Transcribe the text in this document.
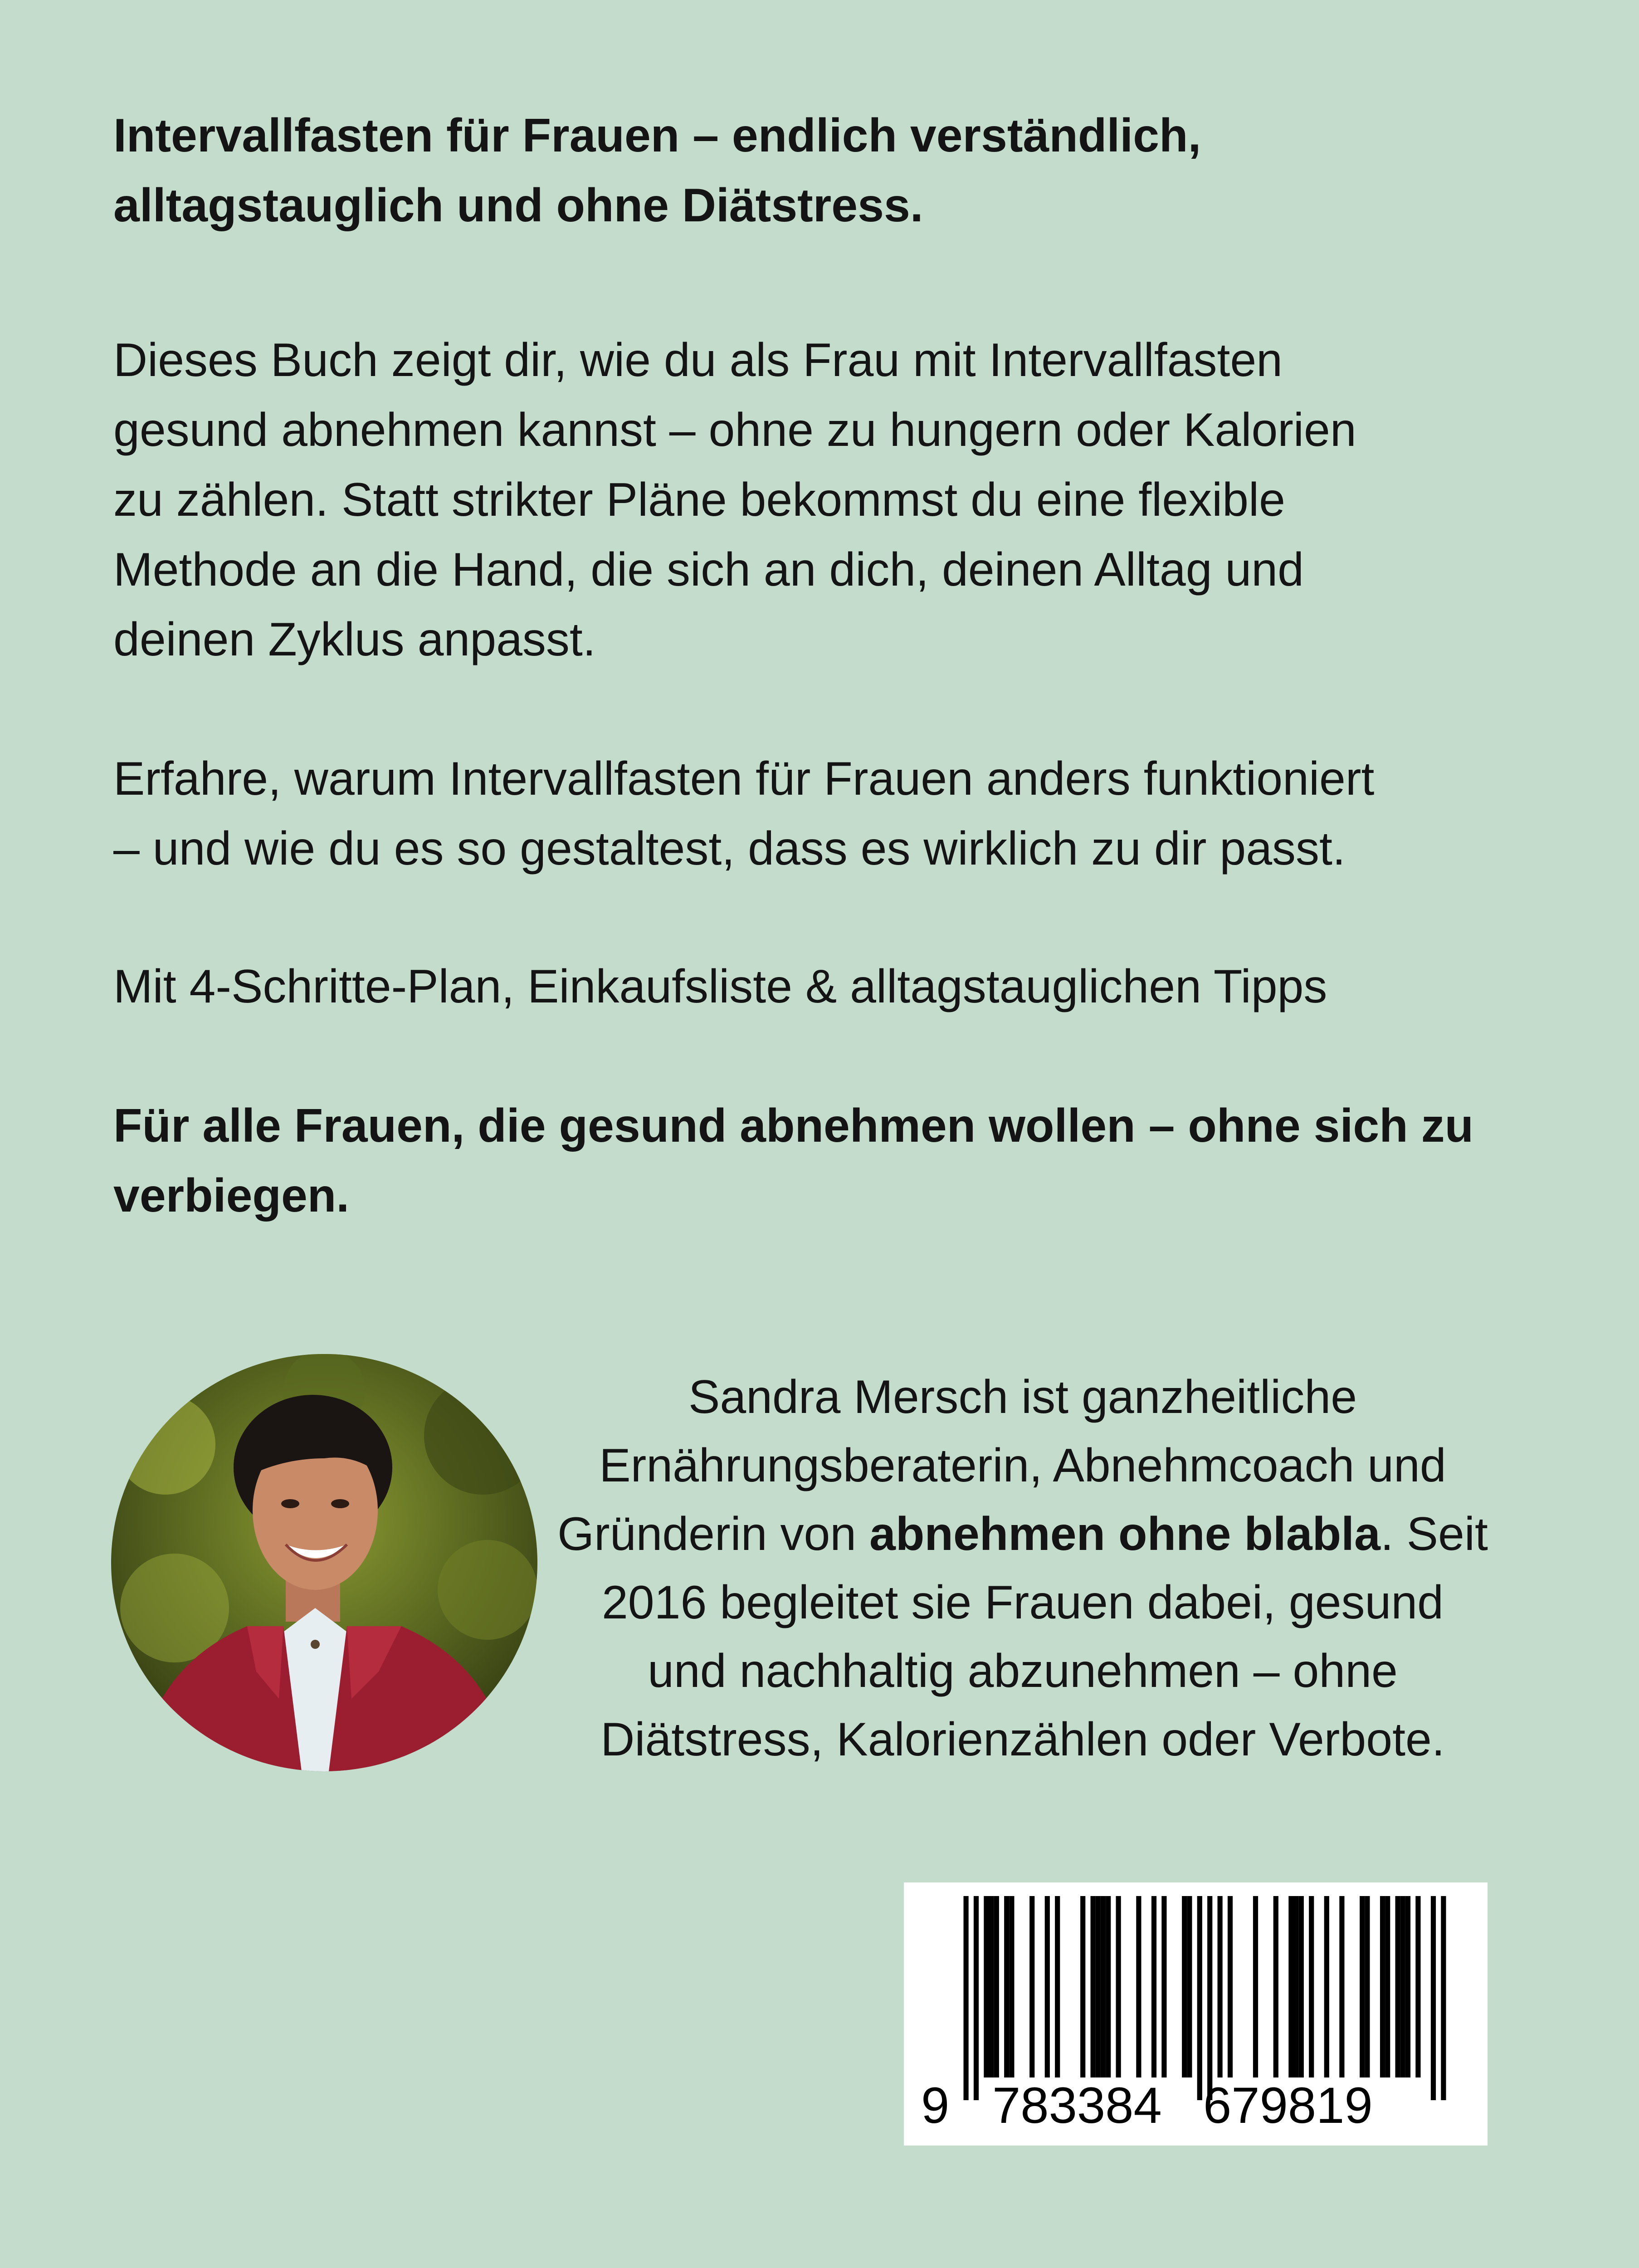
Intervallfasten für Frauen – endlich verständlich,
alltagstauglich und ohne Diätstress.
Dieses Buch zeigt dir, wie du als Frau mit Intervallfasten
gesund abnehmen kannst – ohne zu hungern oder Kalorien
zu zählen. Statt strikter Pläne bekommst du eine flexible
Methode an die Hand, die sich an dich, deinen Alltag und
deinen Zyklus anpasst.
Erfahre, warum Intervallfasten für Frauen anders funktioniert
– und wie du es so gestaltest, dass es wirklich zu dir passt.
Mit 4-Schritte-Plan, Einkaufsliste & alltagstauglichen Tipps
Für alle Frauen, die gesund abnehmen wollen – ohne sich zu
verbiegen.
Sandra Mersch ist ganzheitliche
Ernährungsberaterin, Abnehmcoach und
Gründerin von abnehmen ohne blabla. Seit
2016 begleitet sie Frauen dabei, gesund
und nachhaltig abzunehmen – ohne
Diätstress, Kalorienzählen oder Verbote.
9 783384 679819
